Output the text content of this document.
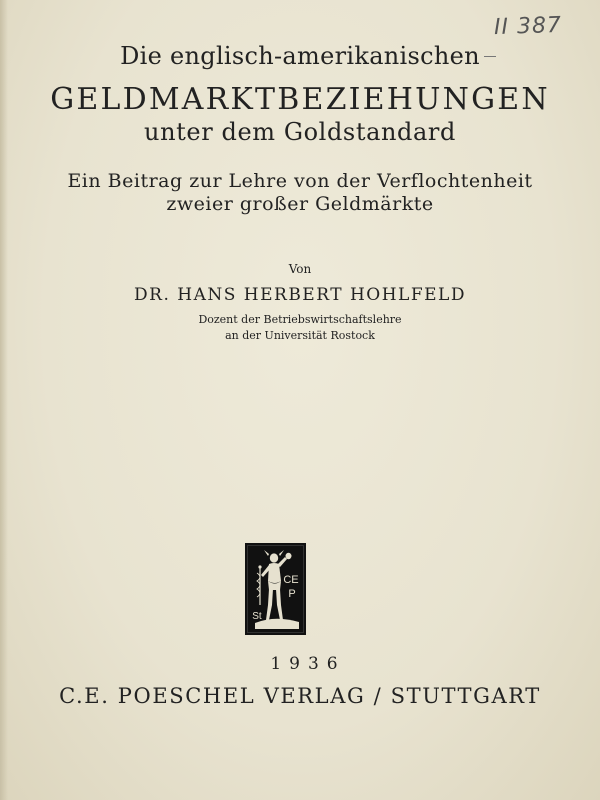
II 387
Die englisch-amerikanischen
GELDMARKTBEZIEHUNGEN
unter dem Goldstandard
Ein Beitrag zur Lehre von der Verflochtenheit
zweier großer Geldmärkte
Von
DR. HANS HERBERT HOHLFELD
Dozent der Betriebswirtschaftslehre
an der Universität Rostock
CE
P
St
1936
C.E. POESCHEL VERLAG / STUTTGART
